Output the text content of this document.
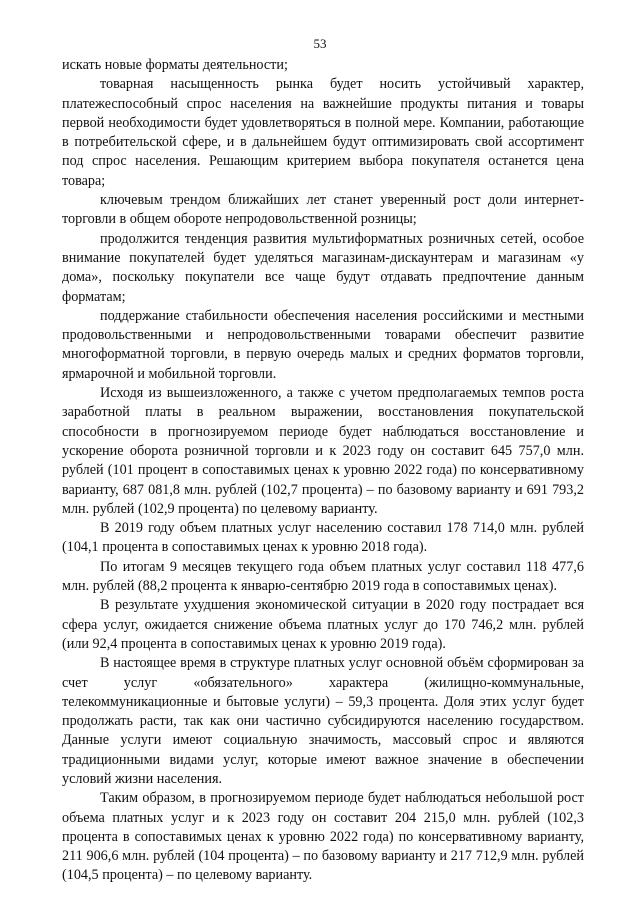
53

искать новые форматы деятельности;

товарная насыщенность рынка будет носить устойчивый характер, платежеспособный спрос населения на важнейшие продукты питания и товары первой необходимости будет удовлетворяться в полной мере. Компании, работающие в потребительской сфере, и в дальнейшем будут оптимизировать свой ассортимент под спрос населения. Решающим критерием выбора покупателя останется цена товара;

ключевым трендом ближайших лет станет уверенный рост доли интернет-торговли в общем обороте непродовольственной розницы;

продолжится тенденция развития мультиформатных розничных сетей, особое внимание покупателей будет уделяться магазинам-дискаунтерам и магазинам «у дома», поскольку покупатели все чаще будут отдавать предпочтение данным форматам;

поддержание стабильности обеспечения населения российскими и местными продовольственными и непродовольственными товарами обеспечит развитие многоформатной торговли, в первую очередь малых и средних форматов торговли, ярмарочной и мобильной торговли.

Исходя из вышеизложенного, а также с учетом предполагаемых темпов роста заработной платы в реальном выражении, восстановления покупательской способности в прогнозируемом периоде будет наблюдаться восстановление и ускорение оборота розничной торговли и к 2023 году он составит 645 757,0 млн. рублей (101 процент в сопоставимых ценах к уровню 2022 года) по консервативному варианту, 687 081,8 млн. рублей (102,7 процента) – по базовому варианту и 691 793,2 млн. рублей (102,9 процента) по целевому варианту.

В 2019 году объем платных услуг населению составил 178 714,0 млн. рублей (104,1 процента в сопоставимых ценах к уровню 2018 года).

По итогам 9 месяцев текущего года объем платных услуг составил 118 477,6 млн. рублей (88,2 процента к январю-сентябрю 2019 года в сопоставимых ценах).

В результате ухудшения экономической ситуации в 2020 году пострадает вся сфера услуг, ожидается снижение объема платных услуг до 170 746,2 млн. рублей (или 92,4 процента в сопоставимых ценах к уровню 2019 года).

В настоящее время в структуре платных услуг основной объём сформирован за счет услуг «обязательного» характера (жилищно-коммунальные, телекоммуникационные и бытовые услуги) – 59,3 процента. Доля этих услуг будет продолжать расти, так как они частично субсидируются населению государством. Данные услуги имеют социальную значимость, массовый спрос и являются традиционными видами услуг, которые имеют важное значение в обеспечении условий жизни населения.

Таким образом, в прогнозируемом периоде будет наблюдаться небольшой рост объема платных услуг и к 2023 году он составит 204 215,0 млн. рублей (102,3 процента в сопоставимых ценах к уровню 2022 года) по консервативному варианту, 211 906,6 млн. рублей (104 процента) – по базовому варианту и 217 712,9 млн. рублей (104,5 процента) – по целевому варианту.
